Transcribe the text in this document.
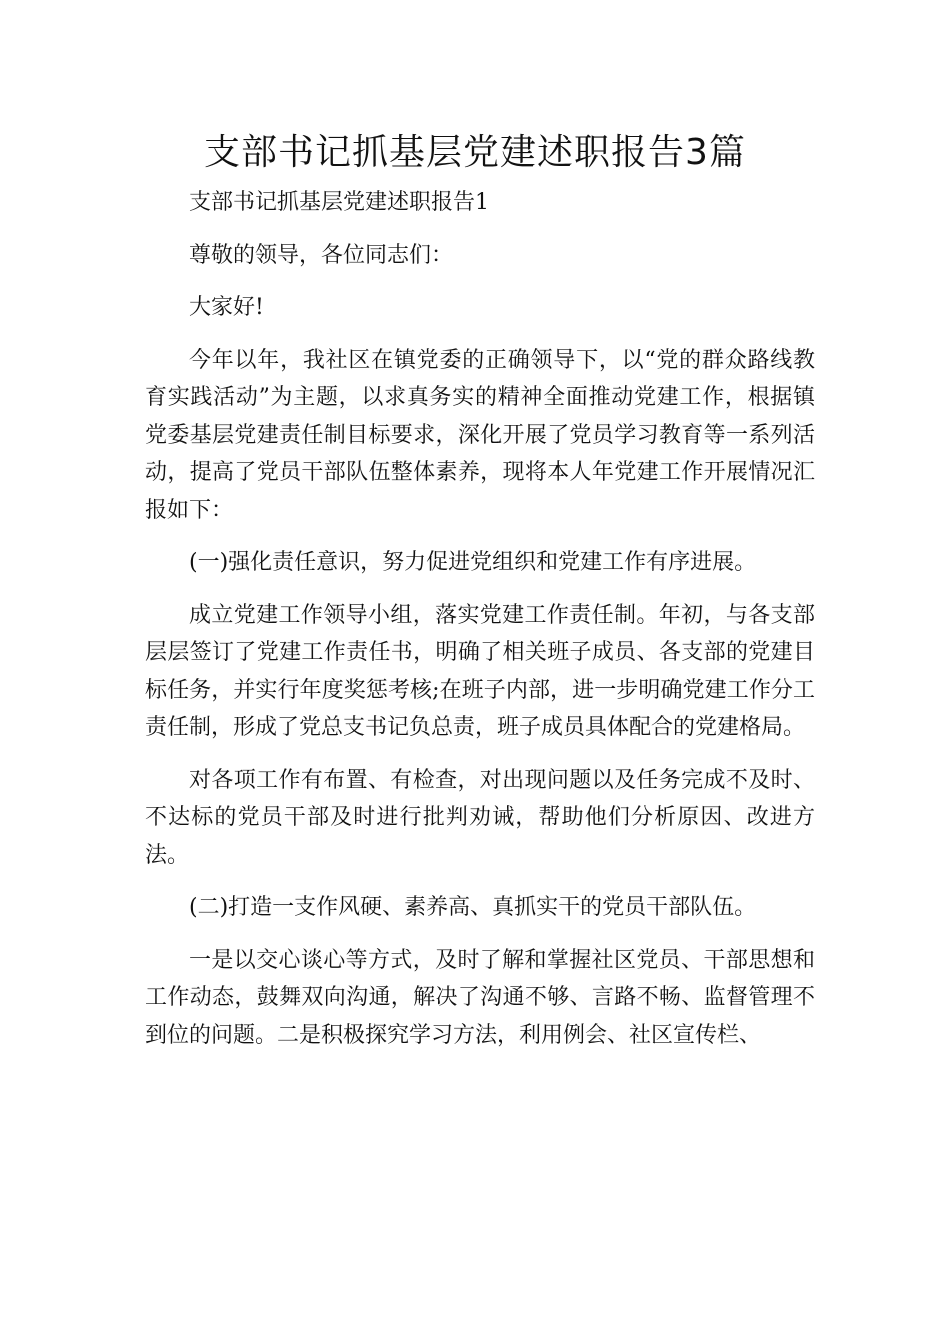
支部书记抓基层党建述职报告3篇

支部书记抓基层党建述职报告1

尊敬的领导，各位同志们：

大家好!

今年以年，我社区在镇党委的正确领导下，以“党的群众路线教育实践活动”为主题，以求真务实的精神全面推动党建工作，根据镇党委基层党建责任制目标要求，深化开展了党员学习教育等一系列活动，提高了党员干部队伍整体素养，现将本人年党建工作开展情况汇报如下：

(一)强化责任意识，努力促进党组织和党建工作有序进展。

成立党建工作领导小组，落实党建工作责任制。年初，与各支部层层签订了党建工作责任书，明确了相关班子成员、各支部的党建目标任务，并实行年度奖惩考核;在班子内部，进一步明确党建工作分工责任制，形成了党总支书记负总责，班子成员具体配合的党建格局。

对各项工作有布置、有检查，对出现问题以及任务完成不及时、不达标的党员干部及时进行批判劝诫，帮助他们分析原因、改进方法。

(二)打造一支作风硬、素养高、真抓实干的党员干部队伍。

一是以交心谈心等方式，及时了解和掌握社区党员、干部思想和工作动态，鼓舞双向沟通，解决了沟通不够、言路不畅、监督管理不到位的问题。二是积极探究学习方法，利用例会、社区宣传栏、
